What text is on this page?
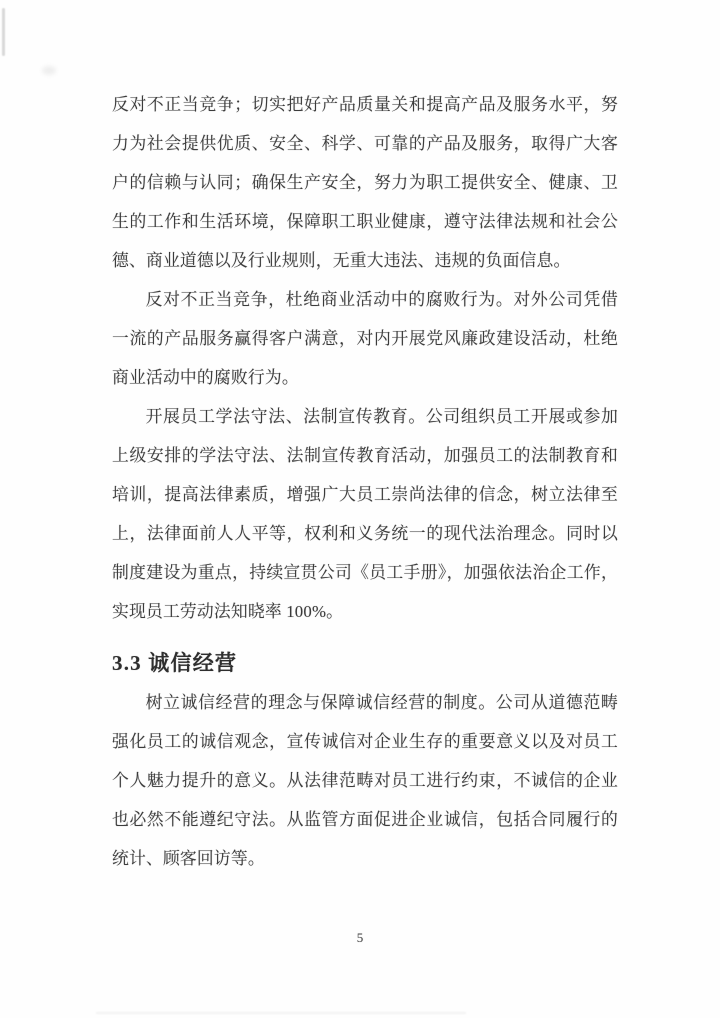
反对不正当竞争；切实把好产品质量关和提高产品及服务水平，努力为社会提供优质、安全、科学、可靠的产品及服务，取得广大客户的信赖与认同；确保生产安全，努力为职工提供安全、健康、卫生的工作和生活环境，保障职工职业健康，遵守法律法规和社会公德、商业道德以及行业规则，无重大违法、违规的负面信息。

反对不正当竞争，杜绝商业活动中的腐败行为。对外公司凭借一流的产品服务赢得客户满意，对内开展党风廉政建设活动，杜绝商业活动中的腐败行为。

开展员工学法守法、法制宣传教育。公司组织员工开展或参加上级安排的学法守法、法制宣传教育活动，加强员工的法制教育和培训，提高法律素质，增强广大员工崇尚法律的信念，树立法律至上，法律面前人人平等，权利和义务统一的现代法治理念。同时以制度建设为重点，持续宣贯公司《员工手册》，加强依法治企工作，实现员工劳动法知晓率 100%。

3.3 诚信经营

树立诚信经营的理念与保障诚信经营的制度。公司从道德范畴强化员工的诚信观念，宣传诚信对企业生存的重要意义以及对员工个人魅力提升的意义。从法律范畴对员工进行约束，不诚信的企业也必然不能遵纪守法。从监管方面促进企业诚信，包括合同履行的统计、顾客回访等。

5
